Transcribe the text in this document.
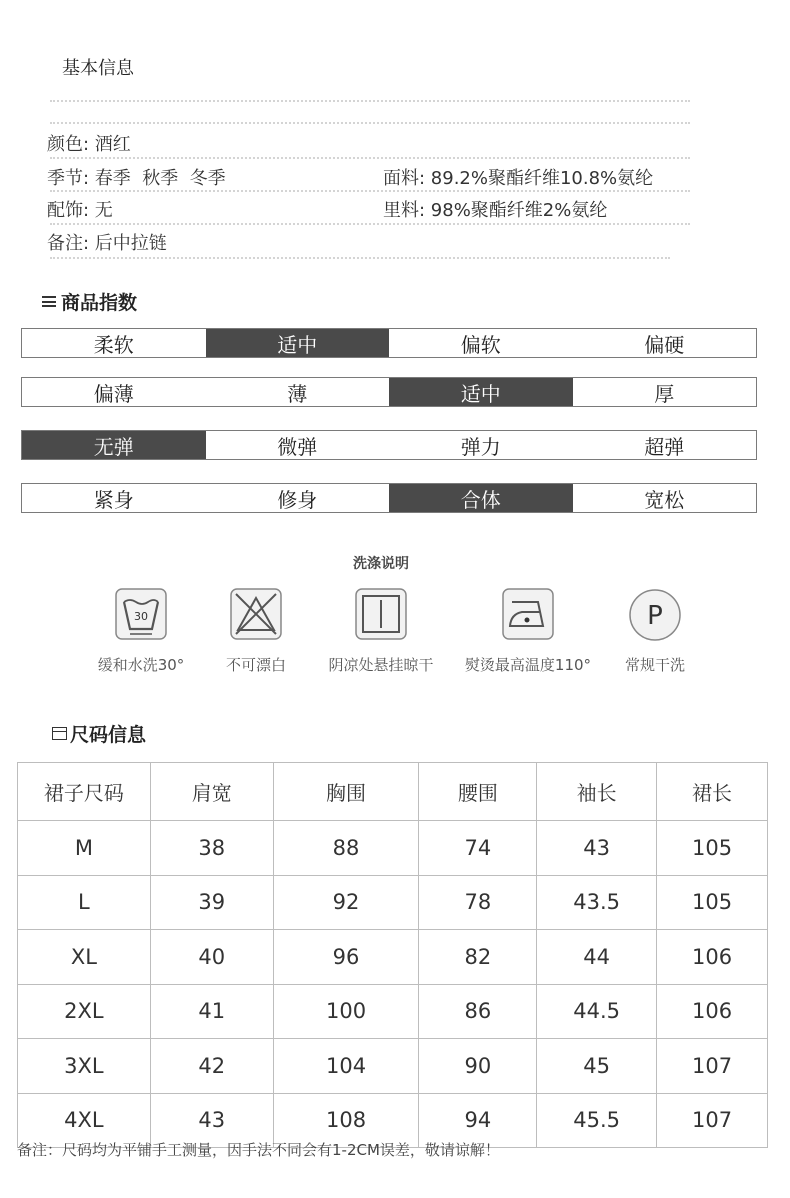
基本信息
颜色: 酒红
季节: 春季  秋季  冬季	面料: 89.2%聚酯纤维10.8%氨纶
配饰: 无	里料: 98%聚酯纤维2%氨纶
备注: 后中拉链
商品指数
柔软	适中	偏软	偏硬
偏薄	薄	适中	厚
无弹	微弹	弹力	超弹
紧身	修身	合体	宽松
洗涤说明
30
缓和水洗30°	不可漂白	阴凉处悬挂晾干	熨烫最高温度110°
P
常规干洗
尺码信息
裙子尺码	肩宽	胸围	腰围	袖长	裙长
M	38	88	74	43	105
L	39	92	78	43.5	105
XL	40	96	82	44	106
2XL	41	100	86	44.5	106
3XL	42	104	90	45	107
4XL	43	108	94	45.5	107
备注：尺码均为平铺手工测量，因手法不同会有1-2CM误差，敬请谅解！
